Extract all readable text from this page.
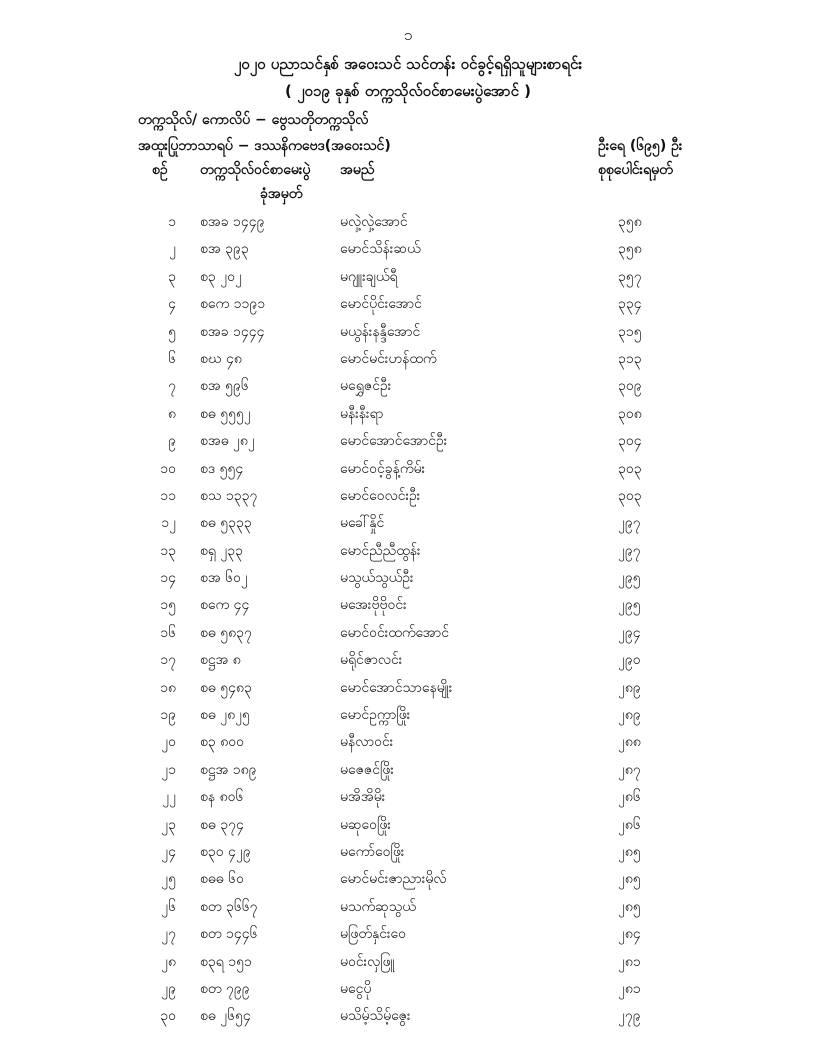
၁
၂၀၂၀ ပညာသင်နှစ် အဝေးသင် သင်တန်း ဝင်ခွင့်ရရှိသူများစာရင်း
( ၂၀၁၉ ခုနှစ် တက္ကသိုလ်ဝင်စာမေးပွဲအောင် )
တက္ကသိုလ်/ ကောလိပ် − ဗွေသတိုတက္ကသိုလ်
အထူးပြုဘာသာရပ် − ဒဿနိကဗေဒ(အဝေးသင်)	ဦးရေ (၆၉၅) ဦး
စဉ် တက္ကသိုလ်ဝင်စာမေးပွဲ
ခုံအမှတ်
အမည်	စုစုပေါင်းရမှတ်
၁ စအခ ၁၄၄၉	မလှဲ့လှဲ့အောင်	၃၅၈
၂ စအ ၃၉၃	မောင်သိန်းဆယ်	၃၅၈
၃ စ၃ ၂၀၂	မဂျူးချယ်ရီ	၃၅၇
၄ စကေ ၁၁၉၁	မောင်ပိုင်းအောင်	၃၃၄
၅ စအခ ၁၄၄၄	မယွန်းနန္ဒီအောင်	၃၁၅
၆ စဃ ၄၈	မောင်မင်းဟန်ထက်	၃၁၃
၇ စအ ၅၉၆	မရွှေဇင်ဦး	၃၀၉
၈ စဓ ၅၅၅၂	မနီးနီးရာ	၃၀၈
၉ စအဓ ၂၈၂	မောင်အောင်အောင်ဦး	၃၀၄
၁၀ စဒ ၅၅၄	မောင်ဝင့်ခွန့်ကိမ်း	၃၀၃
၁၁ စသ ၁၃၃၇	မောင်ဝေလင်းဦး	၃၀၃
၁၂ စဓ ၅၃၃၃	မခေါ်နှိုင်	၂၉၇
၁၃ စရှ ၂၃၃	မောင်ညီညီထွန်း	၂၉၇
၁၄ စအ ၆၀၂	မသွယ်သွယ်ဦး	၂၉၅
၁၅ စကေ ၄၄	မအေးဗိုဗိုဝင်း	၂၉၅
၁၆ စဓ ၅၈၃၇	မောင်ဝင်းထက်အောင်	၂၉၄
၁၇ စဋ္ဌအ ၈	မရိုင်ဇာလင်း	၂၉၀
၁၈ စဓ ၅၄၈၃	မောင်အောင်သာနေမျိုး	၂၈၉
၁၉ စဓ ၂၈၂၅	မောင်ဥက္ကာဖြိုး	၂၈၉
၂၀ စ၃ ၈၀၀	မနီလာဝင်း	၂၈၈
၂၁ စဋ္ဌအ ၁၈၉	မဇေဇင်ဖြိုး	၂၈၇
၂၂ စန ၈၀၆	မအိအိမိုး	၂၈၆
၂၃ စဓ ၃၇၄	မဆုဝေဖြိုး	၂၈၆
၂၄ စ၃ဝ ၄၂၉	မကော်ဝေဖြိုး	၂၈၅
၂၅ စဓဓ ၆၀	မောင်မင်းဇာညားမိုလ်	၂၈၅
၂၆ စတ ၃၆၆၇	မသက်ဆုသွယ်	၂၈၅
၂၇ စတ ၁၄၄၆	မဖြတ်နှင်းဝေ	၂၈၄
၂၈ စ၃ရ ၁၅၁	မဝင်းလှဖြူ	၂၈၁
၂၉ စတ ၇၉၉	မငွေပို	၂၈၁
၃၀ စဓ ၂၆၅၄	မသိမ့်သိမ့်ဇွေး	၂၇၉
